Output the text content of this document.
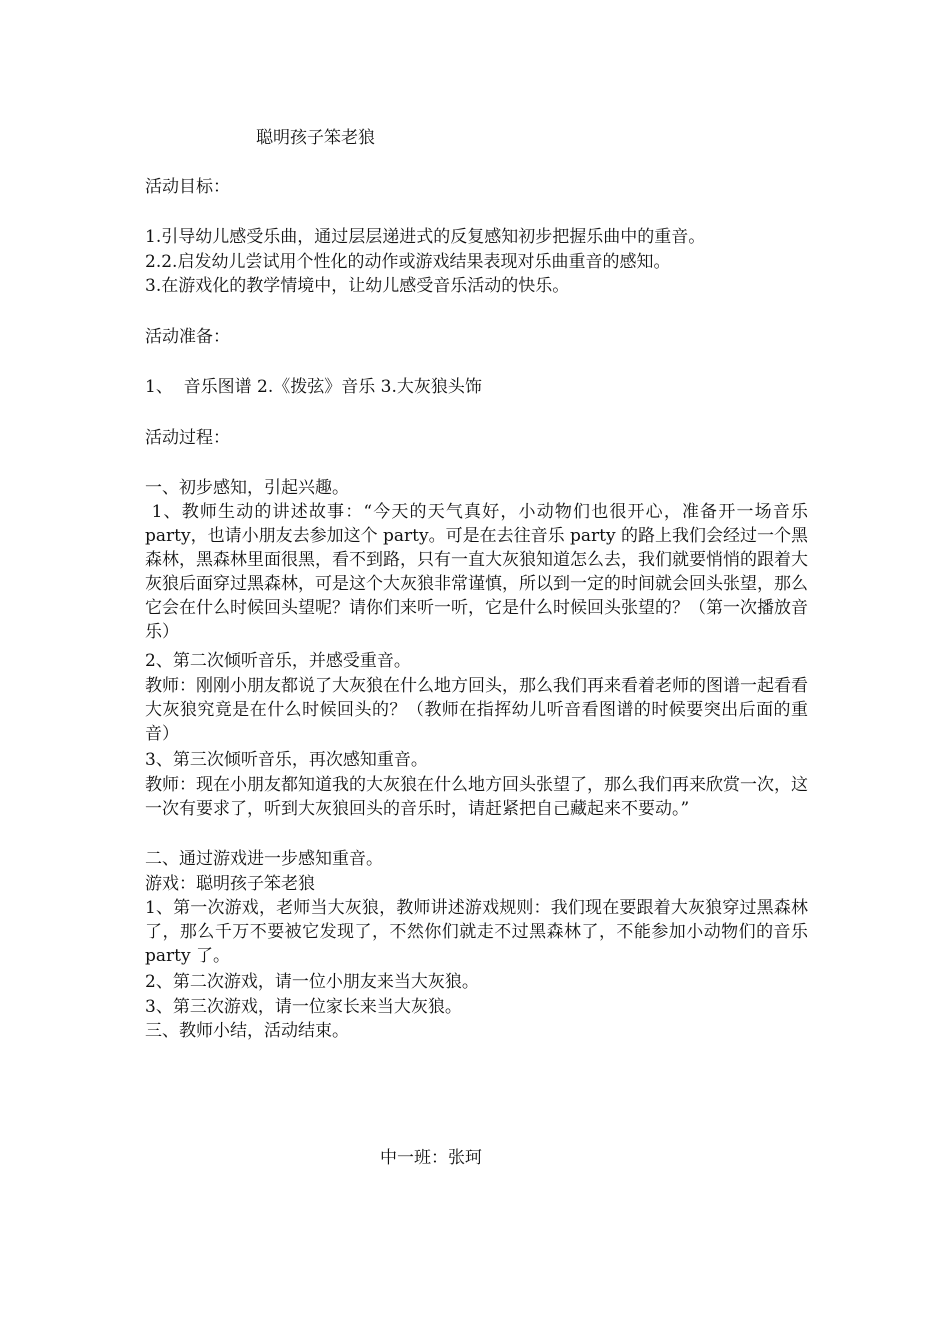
聪明孩子笨老狼
活动目标：
1.引导幼儿感受乐曲，通过层层递进式的反复感知初步把握乐曲中的重音。
2.2.启发幼儿尝试用个性化的动作或游戏结果表现对乐曲重音的感知。
3.在游戏化的教学情境中，让幼儿感受音乐活动的快乐。
活动准备：
1、  音乐图谱 2.《拨弦》音乐 3.大灰狼头饰
活动过程：
一、初步感知，引起兴趣。
1、教师生动的讲述故事：“今天的天气真好，小动物们也很开心，准备开一场音乐 party，也请小朋友去参加这个 party。可是在去往音乐 party 的路上我们会经过一个黑森林，黑森林里面很黑，看不到路，只有一直大灰狼知道怎么去，我们就要悄悄的跟着大灰狼后面穿过黑森林，可是这个大灰狼非常谨慎，所以到一定的时间就会回头张望，那么它会在什么时候回头望呢？请你们来听一听，它是什么时候回头张望的？（第一次播放音乐）
2、第二次倾听音乐，并感受重音。
教师：刚刚小朋友都说了大灰狼在什么地方回头，那么我们再来看着老师的图谱一起看看大灰狼究竟是在什么时候回头的？（教师在指挥幼儿听音看图谱的时候要突出后面的重音）
3、第三次倾听音乐，再次感知重音。
教师：现在小朋友都知道我的大灰狼在什么地方回头张望了，那么我们再来欣赏一次，这一次有要求了，听到大灰狼回头的音乐时，请赶紧把自己藏起来不要动。”
二、通过游戏进一步感知重音。
游戏：聪明孩子笨老狼
1、第一次游戏，老师当大灰狼，教师讲述游戏规则：我们现在要跟着大灰狼穿过黑森林了，那么千万不要被它发现了，不然你们就走不过黑森林了，不能参加小动物们的音乐 party 了。
2、第二次游戏，请一位小朋友来当大灰狼。
3、第三次游戏，请一位家长来当大灰狼。
三、教师小结，活动结束。
中一班：张珂
